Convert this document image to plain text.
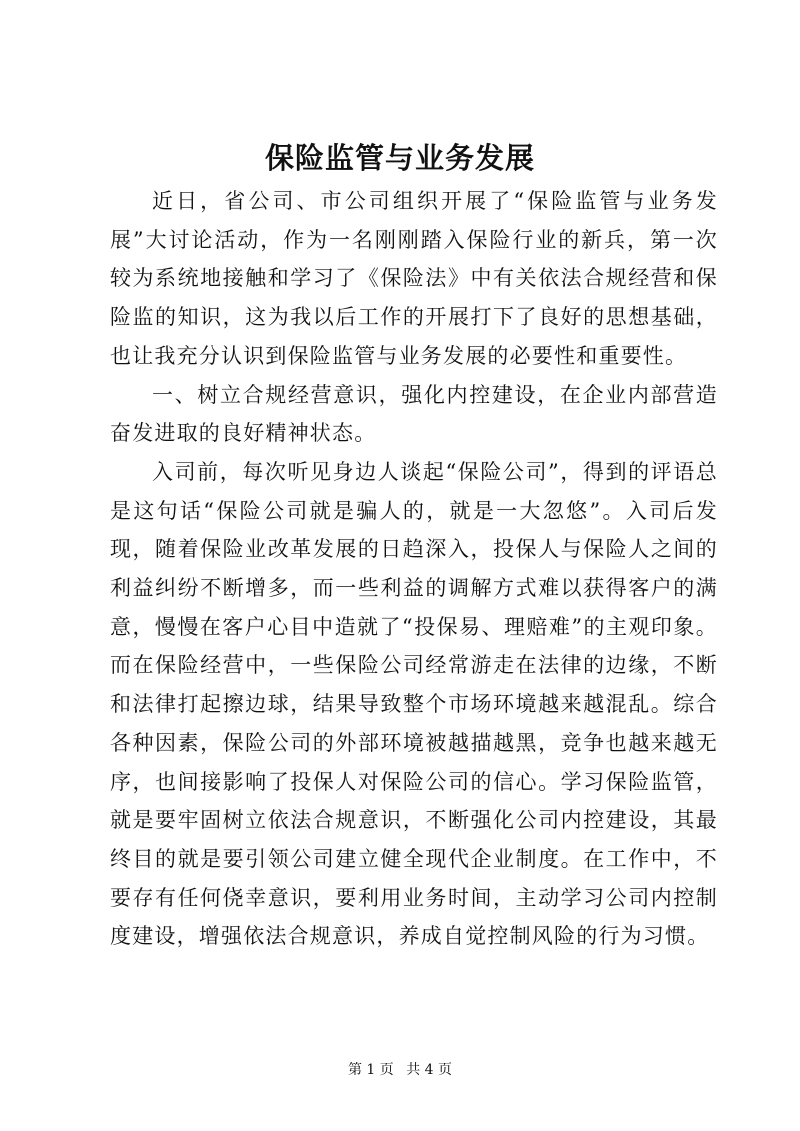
保险监管与业务发展

近日，省公司、市公司组织开展了“保险监管与业务发展”大讨论活动，作为一名刚刚踏入保险行业的新兵，第一次较为系统地接触和学习了《保险法》中有关依法合规经营和保险监的知识，这为我以后工作的开展打下了良好的思想基础，也让我充分认识到保险监管与业务发展的必要性和重要性。

一、树立合规经营意识，强化内控建设，在企业内部营造奋发进取的良好精神状态。

入司前，每次听见身边人谈起“保险公司”，得到的评语总是这句话“保险公司就是骗人的，就是一大忽悠”。入司后发现，随着保险业改革发展的日趋深入，投保人与保险人之间的利益纠纷不断增多，而一些利益的调解方式难以获得客户的满意，慢慢在客户心目中造就了“投保易、理赔难”的主观印象。而在保险经营中，一些保险公司经常游走在法律的边缘，不断和法律打起擦边球，结果导致整个市场环境越来越混乱。综合各种因素，保险公司的外部环境被越描越黑，竞争也越来越无序，也间接影响了投保人对保险公司的信心。学习保险监管，就是要牢固树立依法合规意识，不断强化公司内控建设，其最终目的就是要引领公司建立健全现代企业制度。在工作中，不要存有任何侥幸意识，要利用业务时间，主动学习公司内控制度建设，增强依法合规意识，养成自觉控制风险的行为习惯。

第 1 页 共 4 页
